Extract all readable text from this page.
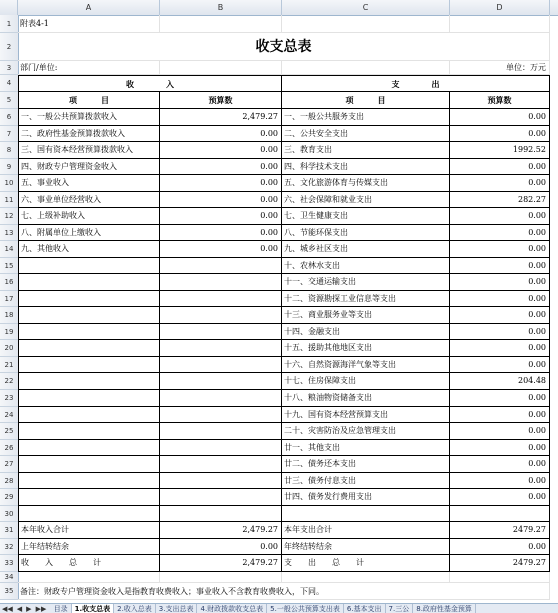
A	B	C	D
1
2
3
4
5
6
7
8
9
10
11
12
13
14
15
16
17
18
19
20
21
22
23
24
25
26
27
28
29
30
31
32
33
34
35
附表4-1
收支总表
部门/单位:	单位：万元
收　　　　入	支　　　　出
项　　　目	预算数	项　　　目	预算数
一、一般公共预算拨款收入	2,479.27 一、一般公共服务支出	0.00
二、政府性基金预算拨款收入	0.00 二、公共安全支出	0.00
三、国有资本经营预算拨款收入	0.00 三、教育支出	1992.52
四、财政专户管理资金收入	0.00 四、科学技术支出	0.00
五、事业收入	0.00 五、文化旅游体育与传媒支出	0.00
六、事业单位经营收入	0.00 六、社会保障和就业支出	282.27
七、上级补助收入	0.00 七、卫生健康支出	0.00
八、附属单位上缴收入	0.00 八、节能环保支出	0.00
九、其他收入	0.00 九、城乡社区支出	0.00
十、农林水支出	0.00
十一、交通运输支出	0.00
十二、资源勘探工业信息等支出	0.00
十三、商业服务业等支出	0.00
十四、金融支出	0.00
十五、援助其他地区支出	0.00
十六、自然资源海洋气象等支出	0.00
十七、住房保障支出	204.48
十八、粮油物资储备支出	0.00
十九、国有资本经营预算支出	0.00
二十、灾害防治及应急管理支出	0.00
廿一、其他支出	0.00
廿二、债务还本支出	0.00
廿三、债务付息支出	0.00
廿四、债务发行费用支出	0.00
本年收入合计	2,479.27 本年支出合计	2479.27
上年结转结余	0.00 年终结转结余	0.00
收　　入　　总　　计	2,479.27 支　　出　　总　　计	2479.27
备注：财政专户管理资金收入是指教育收费收入；事业收入不含教育收费收入，下同。
◀◀ ◀ ▶ ▶▶ 目录 1.收支总表 2.收入总表 3.支出总表 4.财政拨款收支总表 5.一般公共预算支出表 6.基本支出 7.三公 8.政府性基金预算
